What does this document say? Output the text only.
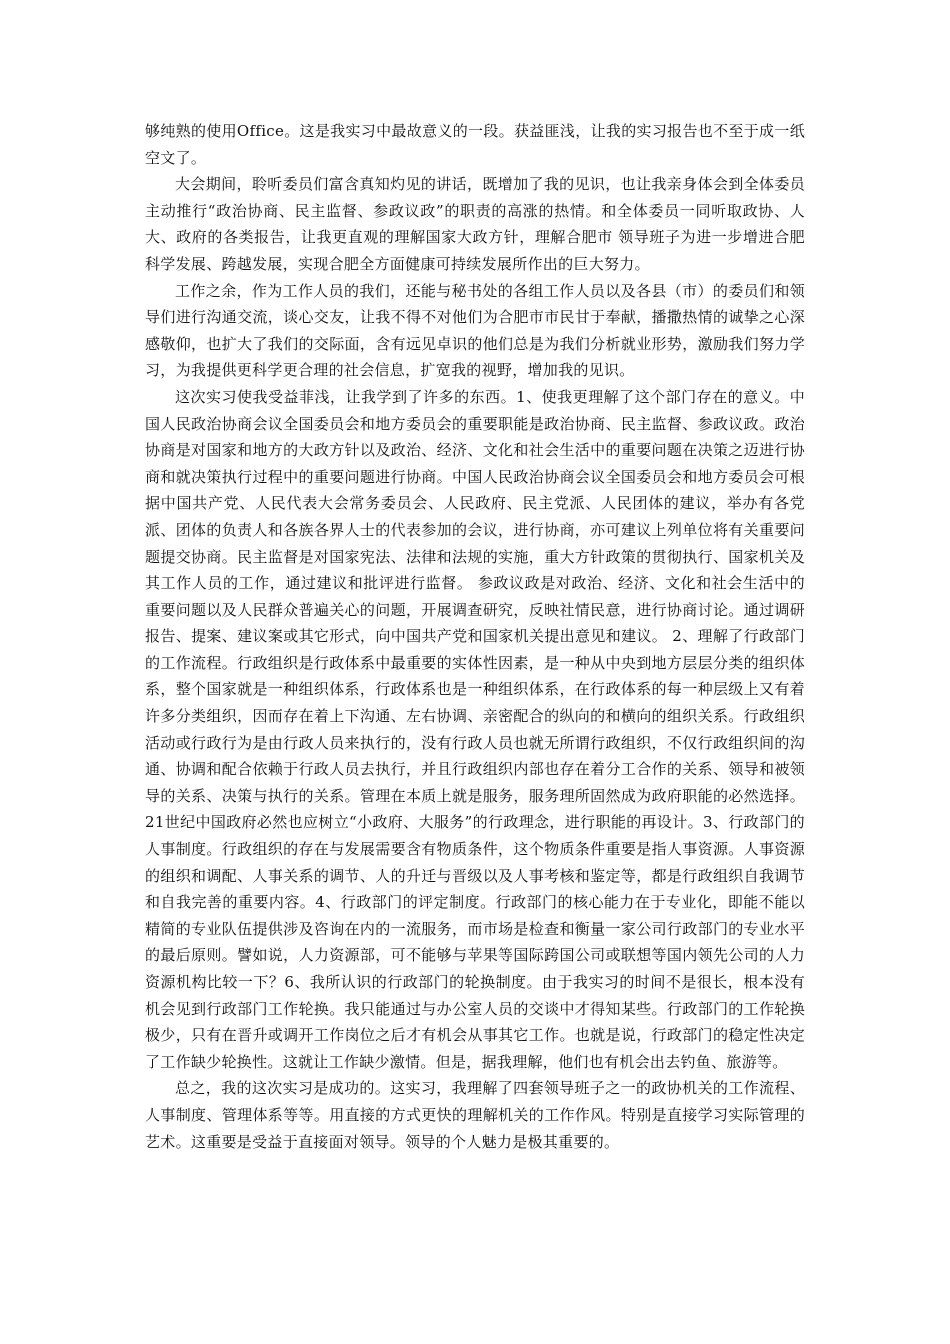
够纯熟的使用Office。这是我实习中最故意义的一段。获益匪浅，让我的实习报告也不至于成一纸空文了。

大会期间，聆听委员们富含真知灼见的讲话，既增加了我的见识，也让我亲身体会到全体委员主动推行“政治协商、民主监督、参政议政”的职责的高涨的热情。和全体委员一同听取政协、人大、政府的各类报告，让我更直观的理解国家大政方针，理解合肥市 领导班子为进一步增进合肥科学发展、跨越发展，实现合肥全方面健康可持续发展所作出的巨大努力。

工作之余，作为工作人员的我们，还能与秘书处的各组工作人员以及各县（市）的委员们和领导们进行沟通交流，谈心交友，让我不得不对他们为合肥市市民甘于奉献，播撒热情的诚挚之心深感敬仰，也扩大了我们的交际面，含有远见卓识的他们总是为我们分析就业形势，激励我们努力学习，为我提供更科学更合理的社会信息，扩宽我的视野，增加我的见识。

这次实习使我受益菲浅，让我学到了许多的东西。1、使我更理解了这个部门存在的意义。中国人民政治协商会议全国委员会和地方委员会的重要职能是政治协商、民主监督、参政议政。政治协商是对国家和地方的大政方针以及政治、经济、文化和社会生活中的重要问题在决策之迈进行协商和就决策执行过程中的重要问题进行协商。中国人民政治协商会议全国委员会和地方委员会可根据中国共产党、人民代表大会常务委员会、人民政府、民主党派、人民团体的建议，举办有各党派、团体的负责人和各族各界人士的代表参加的会议，进行协商，亦可建议上列单位将有关重要问题提交协商。民主监督是对国家宪法、法律和法规的实施，重大方针政策的贯彻执行、国家机关及其工作人员的工作，通过建议和批评进行监督。 参政议政是对政治、经济、文化和社会生活中的重要问题以及人民群众普遍关心的问题，开展调查研究，反映社情民意，进行协商讨论。通过调研报告、提案、建议案或其它形式，向中国共产党和国家机关提出意见和建议。 2、理解了行政部门的工作流程。行政组织是行政体系中最重要的实体性因素，是一种从中央到地方层层分类的组织体系，整个国家就是一种组织体系，行政体系也是一种组织体系，在行政体系的每一种层级上又有着许多分类组织，因而存在着上下沟通、左右协调、亲密配合的纵向的和横向的组织关系。行政组织活动或行政行为是由行政人员来执行的，没有行政人员也就无所谓行政组织，不仅行政组织间的沟通、协调和配合依赖于行政人员去执行，并且行政组织内部也存在着分工合作的关系、领导和被领导的关系、决策与执行的关系。管理在本质上就是服务，服务理所固然成为政府职能的必然选择。21世纪中国政府必然也应树立“小政府、大服务”的行政理念，进行职能的再设计。3、行政部门的人事制度。行政组织的存在与发展需要含有物质条件，这个物质条件重要是指人事资源。人事资源的组织和调配、人事关系的调节、人的升迁与晋级以及人事考核和鉴定等，都是行政组织自我调节和自我完善的重要内容。4、行政部门的评定制度。行政部门的核心能力在于专业化，即能不能以精简的专业队伍提供涉及咨询在内的一流服务，而市场是检查和衡量一家公司行政部门的专业水平的最后原则。譬如说，人力资源部，可不能够与苹果等国际跨国公司或联想等国内领先公司的人力资源机构比较一下？6、我所认识的行政部门的轮换制度。由于我实习的时间不是很长，根本没有机会见到行政部门工作轮换。我只能通过与办公室人员的交谈中才得知某些。行政部门的工作轮换极少，只有在晋升或调开工作岗位之后才有机会从事其它工作。也就是说，行政部门的稳定性决定了工作缺少轮换性。这就让工作缺少激情。但是，据我理解，他们也有机会出去钓鱼、旅游等。

总之，我的这次实习是成功的。这实习，我理解了四套领导班子之一的政协机关的工作流程、人事制度、管理体系等等。用直接的方式更快的理解机关的工作作风。特别是直接学习实际管理的艺术。这重要是受益于直接面对领导。领导的个人魅力是极其重要的。
